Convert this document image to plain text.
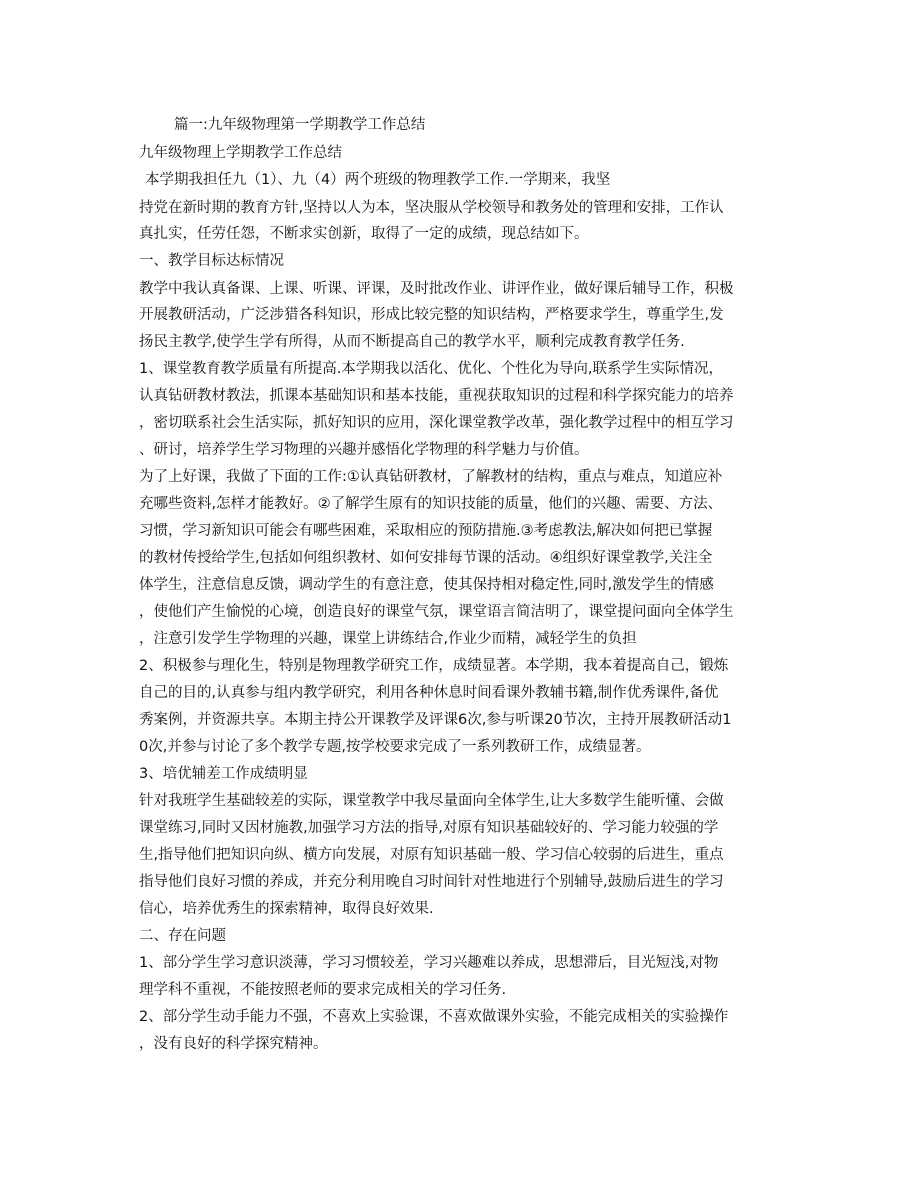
篇一:九年级物理第一学期教学工作总结
九年级物理上学期教学工作总结
本学期我担任九（1）、九（4）两个班级的物理教学工作.一学期来，我坚
持党在新时期的教育方针,坚持以人为本，坚决服从学校领导和教务处的管理和安排，工作认
真扎实，任劳任怨，不断求实创新，取得了一定的成绩，现总结如下。
一、教学目标达标情况
教学中我认真备课、上课、听课、评课，及时批改作业、讲评作业，做好课后辅导工作，积极
开展教研活动，广泛涉猎各科知识，形成比较完整的知识结构，严格要求学生，尊重学生,发
扬民主教学,使学生学有所得，从而不断提高自己的教学水平，顺利完成教育教学任务.
1、课堂教育教学质量有所提高.本学期我以活化、优化、个性化为导向,联系学生实际情况，
认真钻研教材教法，抓课本基础知识和基本技能，重视获取知识的过程和科学探究能力的培养
，密切联系社会生活实际，抓好知识的应用，深化课堂教学改革，强化教学过程中的相互学习
、研讨，培养学生学习物理的兴趣并感悟化学物理的科学魅力与价值。
为了上好课，我做了下面的工作:①认真钻研教材，了解教材的结构，重点与难点，知道应补
充哪些资料,怎样才能教好。②了解学生原有的知识技能的质量，他们的兴趣、需要、方法、
习惯，学习新知识可能会有哪些困难，采取相应的预防措施.③考虑教法,解决如何把已掌握
的教材传授给学生,包括如何组织教材、如何安排每节课的活动。④组织好课堂教学,关注全
体学生，注意信息反馈，调动学生的有意注意，使其保持相对稳定性,同时,激发学生的情感
，使他们产生愉悦的心境，创造良好的课堂气氛，课堂语言简洁明了，课堂提问面向全体学生
，注意引发学生学物理的兴趣，课堂上讲练结合,作业少而精，减轻学生的负担
2、积极参与理化生，特别是物理教学研究工作，成绩显著。本学期，我本着提高自己，锻炼
自己的目的,认真参与组内教学研究，利用各种休息时间看课外教辅书籍,制作优秀课件,备优
秀案例，并资源共享。本期主持公开课教学及评课6次,参与听课20节次，主持开展教研活动1
0次,并参与讨论了多个教学专题,按学校要求完成了一系列教研工作，成绩显著。
3、培优辅差工作成绩明显
针对我班学生基础较差的实际，课堂教学中我尽量面向全体学生,让大多数学生能听懂、会做
课堂练习,同时又因材施教,加强学习方法的指导,对原有知识基础较好的、学习能力较强的学
生,指导他们把知识向纵、横方向发展，对原有知识基础一般、学习信心较弱的后进生，重点
指导他们良好习惯的养成，并充分利用晚自习时间针对性地进行个别辅导,鼓励后进生的学习
信心，培养优秀生的探索精神，取得良好效果.
二、存在问题
1、部分学生学习意识淡薄，学习习惯较差，学习兴趣难以养成，思想滞后，目光短浅,对物
理学科不重视，不能按照老师的要求完成相关的学习任务.
2、部分学生动手能力不强，不喜欢上实验课，不喜欢做课外实验，不能完成相关的实验操作
，没有良好的科学探究精神。
